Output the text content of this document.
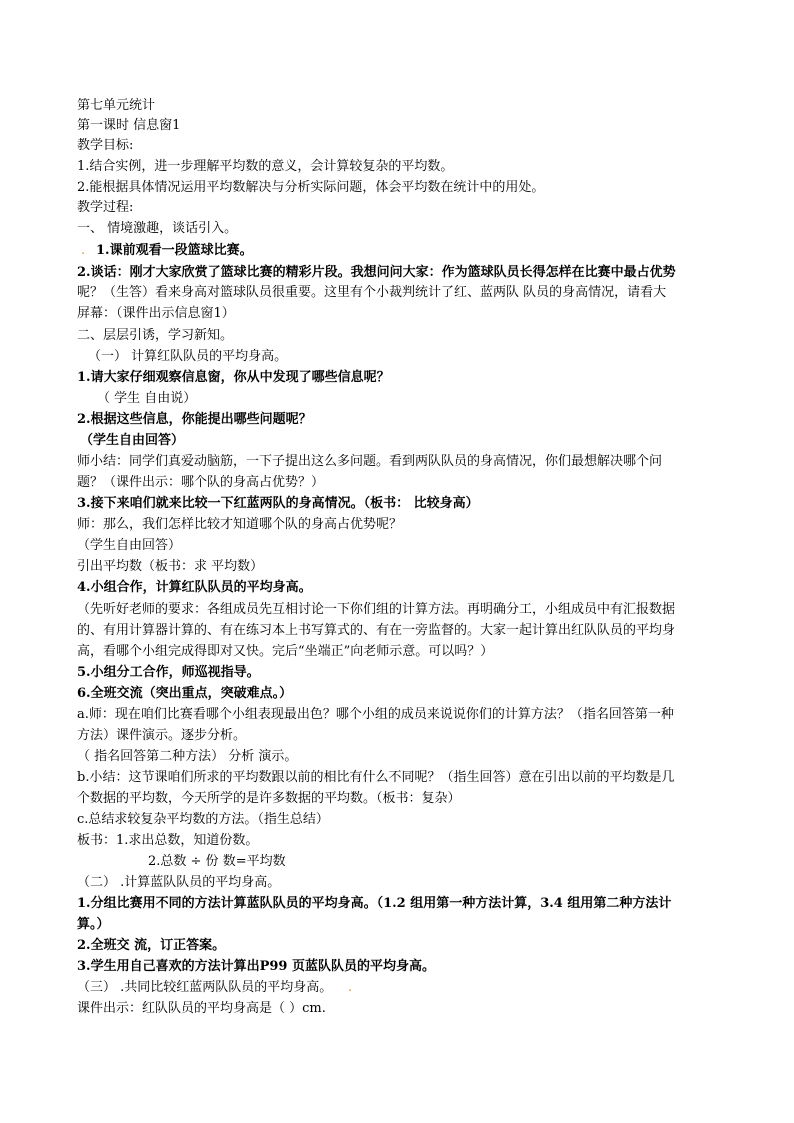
第七单元统计
第一课时 信息窗1
教学目标:
1.结合实例，进一步理解平均数的意义，会计算较复杂的平均数。
2.能根据具体情况运用平均数解决与分析实际问题，体会平均数在统计中的用处。
教学过程:
一、 情境激趣，谈话引入。
. 1.课前观看一段篮球比赛。
2.谈话：刚才大家欣赏了篮球比赛的精彩片段。我想问问大家：作为篮球队员长得怎样在比赛中最占优势
呢？（生答）看来身高对篮球队员很重要。这里有个小裁判统计了红、蓝两队 队员的身高情况，请看大
屏幕：（课件出示信息窗1）
二、层层引诱，学习新知。
（一） 计算红队队员的平均身高。
1.请大家仔细观察信息窗，你从中发现了哪些信息呢？
（ 学生 自由说）
2.根据这些信息，你能提出哪些问题呢？
（学生自由回答）
师小结：同学们真爱动脑筋，一下子提出这么多问题。看到两队队员的身高情况，你们最想解决哪个问
题？（课件出示：哪个队的身高占优势？）
3.接下来咱们就来比较一下红蓝两队的身高情况。（板书： 比较身高）
师：那么，我们怎样比较才知道哪个队的身高占优势呢？
（学生自由回答）
引出平均数（板书：求 平均数）
4.小组合作，计算红队队员的平均身高。
（先听好老师的要求：各组成员先互相讨论一下你们组的计算方法。再明确分工，小组成员中有汇报数据
的、有用计算器计算的、有在练习本上书写算式的、有在一旁监督的。大家一起计算出红队队员的平均身
高，看哪个小组完成得即对又快。完后“坐端正”向老师示意。可以吗？）
5.小组分工合作，师巡视指导。
6.全班交流（突出重点，突破难点。）
a.师：现在咱们比赛看哪个小组表现最出色？哪个小组的成员来说说你们的计算方法？（指名回答第一种
方法）课件演示。逐步分析。
（ 指名回答第二种方法） 分析 演示。
b.小结：这节课咱们所求的平均数跟以前的相比有什么不同呢？（指生回答）意在引出以前的平均数是几
个数据的平均数，今天所学的是许多数据的平均数。（板书：复杂）
c.总结求较复杂平均数的方法。（指生总结）
板书：1.求出总数，知道份数。
2.总数 ÷ 份 数=平均数
（二） .计算蓝队队员的平均身高。
1.分组比赛用不同的方法计算蓝队队员的平均身高。（1.2 组用第一种方法计算，3.4 组用第二种方法计
算。）
2.全班交 流，订正答案。
3.学生用自己喜欢的方法计算出P99 页蓝队队员的平均身高。
（三） .共同比较红蓝两队队员的平均身高。 .
课件出示：红队队员的平均身高是（ ）cm.
